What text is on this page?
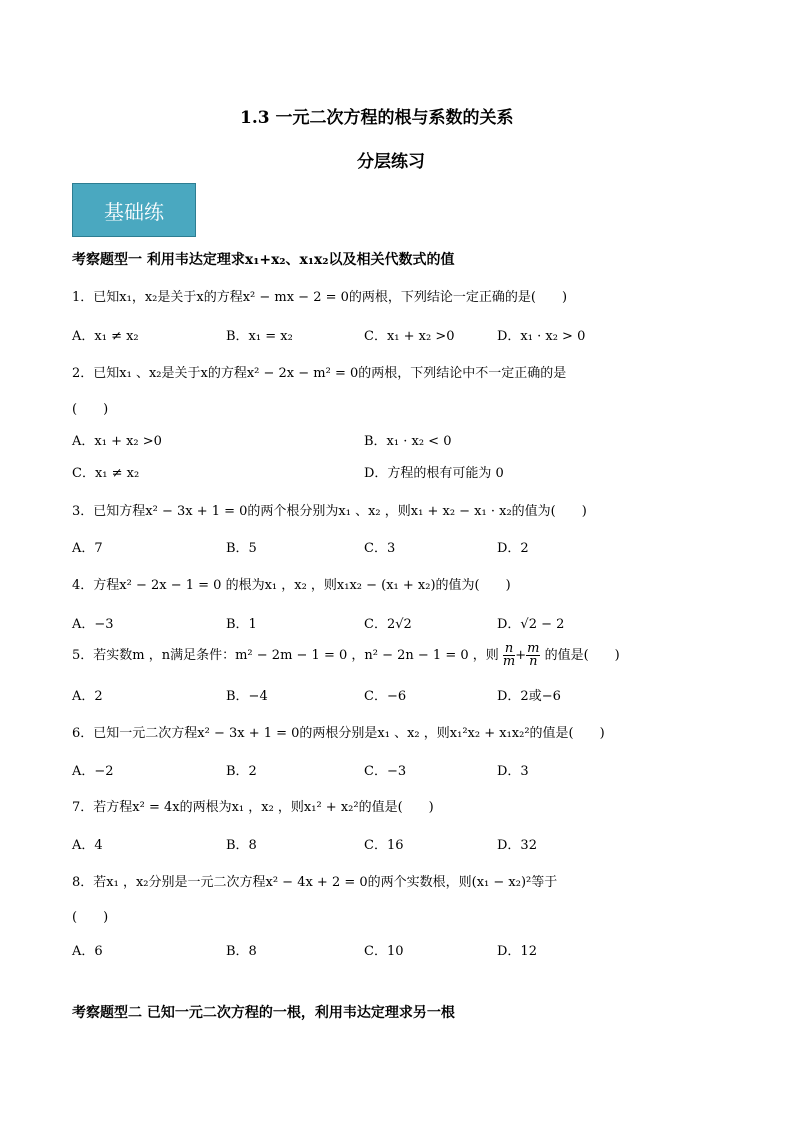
1.3 一元二次方程的根与系数的关系
分层练习
基础练
考察题型一 利用韦达定理求x₁+x₂、x₁x₂以及相关代数式的值
1．已知x₁，x₂是关于x的方程x² − mx − 2 = 0的两根，下列结论一定正确的是(　　)
A．x₁ ≠ x₂	B．x₁ = x₂	C．x₁ + x₂ >0	D．x₁ · x₂ > 0
2．已知x₁ 、x₂是关于x的方程x² − 2x − m² = 0的两根，下列结论中不一定正确的是
(　　)
A．x₁ + x₂ >0	B．x₁ · x₂ < 0
C．x₁ ≠ x₂	D．方程的根有可能为 0
3．已知方程x² − 3x + 1 = 0的两个根分别为x₁ 、x₂ ，则x₁ + x₂ − x₁ · x₂的值为(　　)
A．7	B．5	C．3	D．2
4．方程x² − 2x − 1 = 0 的根为x₁ ，x₂ ，则x₁x₂ − (x₁ + x₂)的值为(　　)
A．−3	B．1	C．2√2	D．√2 − 2
5．若实数m ，n满足条件：m² − 2m − 1 = 0 ，n² − 2n − 1 = 0 ，则 $\frac{n}{m} + \frac{m}{n}$ 的值是(　　)
A．2	B．−4	C．−6	D．2或−6
6．已知一元二次方程x² − 3x + 1 = 0的两根分别是x₁ 、x₂ ，则x₁²x₂ + x₁x₂²的值是(　　)
A．−2	B．2	C．−3	D．3
7．若方程x² = 4x的两根为x₁ ，x₂ ，则x₁² + x₂²的值是(　　)
A．4	B．8	C．16	D．32
8．若x₁ ，x₂分别是一元二次方程x² − 4x + 2 = 0的两个实数根，则(x₁ − x₂)²等于
(　　)
A．6	B．8	C．10	D．12
考察题型二 已知一元二次方程的一根，利用韦达定理求另一根
